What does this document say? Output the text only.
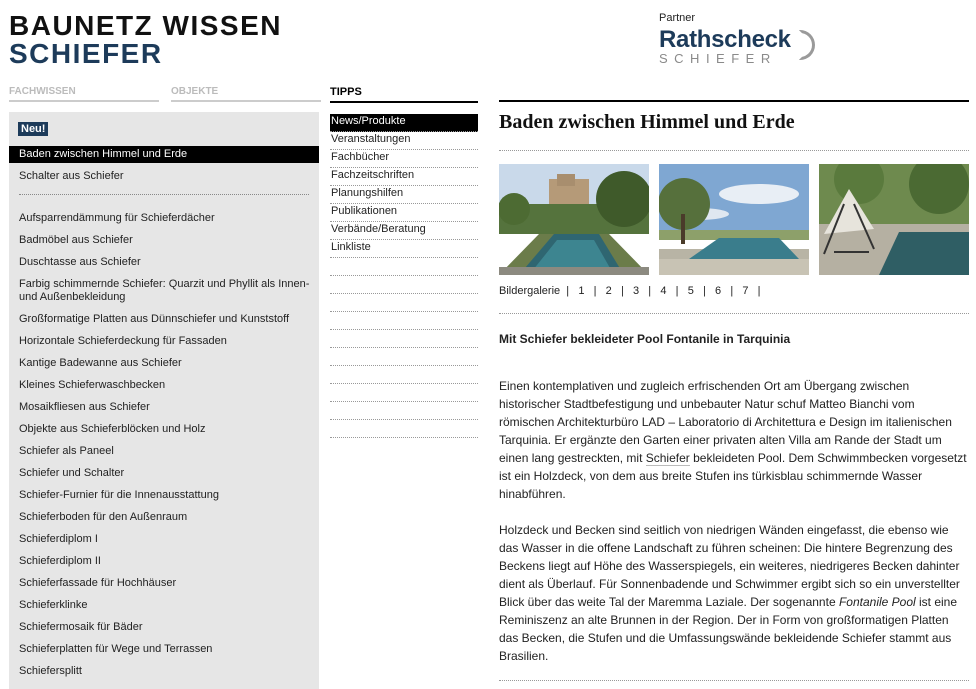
BAUNETZ WISSEN
SCHIEFER
Partner
Rathscheck
SCHIEFER
FACHWISSEN	OBJEKTE
Neu!
Baden zwischen Himmel und Erde
Schalter aus Schiefer
Aufsparrendämmung für Schieferdächer
Badmöbel aus Schiefer
Duschtasse aus Schiefer
Farbig schimmernde Schiefer: Quarzit und Phyllit als Innen- und Außenbekleidung
Großformatige Platten aus Dünnschiefer und Kunststoff
Horizontale Schieferdeckung für Fassaden
Kantige Badewanne aus Schiefer
Kleines Schieferwaschbecken
Mosaikfliesen aus Schiefer
Objekte aus Schieferblöcken und Holz
Schiefer als Paneel
Schiefer und Schalter
Schiefer-Furnier für die Innenausstattung
Schieferboden für den Außenraum
Schieferdiplom I
Schieferdiplom II
Schieferfassade für Hochhäuser
Schieferklinke
Schiefermosaik für Bäder
Schieferplatten für Wege und Terrassen
Schiefersplitt
TIPPS
News/Produkte
Veranstaltungen
Fachbücher
Fachzeitschriften
Planungshilfen
Publikationen
Verbände/Beratung
Linkliste
Baden zwischen Himmel und Erde
Bildergalerie  |   1   |   2   |   3   |   4   |   5   |   6   |   7   |
Mit Schiefer bekleideter Pool Fontanile in Tarquinia

Einen kontemplativen und zugleich erfrischenden Ort am Übergang zwischen historischer Stadtbefestigung und unbebauter Natur schuf Matteo Bianchi vom römischen Architekturbüro LAD – Laboratorio di Architettura e Design im italienischen Tarquinia. Er ergänzte den Garten einer privaten alten Villa am Rande der Stadt um einen lang gestreckten, mit Schiefer bekleideten Pool. Dem Schwimmbecken vorgesetzt ist ein Holzdeck, von dem aus breite Stufen ins türkisblau schimmernde Wasser hinabführen.

Holzdeck und Becken sind seitlich von niedrigen Wänden eingefasst, die ebenso wie das Wasser in die offene Landschaft zu führen scheinen: Die hintere Begrenzung des Beckens liegt auf Höhe des Wasserspiegels, ein weiteres, niedrigeres Becken dahinter dient als Überlauf. Für Sonnenbadende und Schwimmer ergibt sich so ein unverstellter Blick über das weite Tal der Maremma Laziale. Der sogenannte Fontanile Pool ist eine Reminiszenz an alte Brunnen in der Region. Der in Form von großformatigen Platten das Becken, die Stufen und die Umfassungswände bekleidende Schiefer stammt aus Brasilien.
